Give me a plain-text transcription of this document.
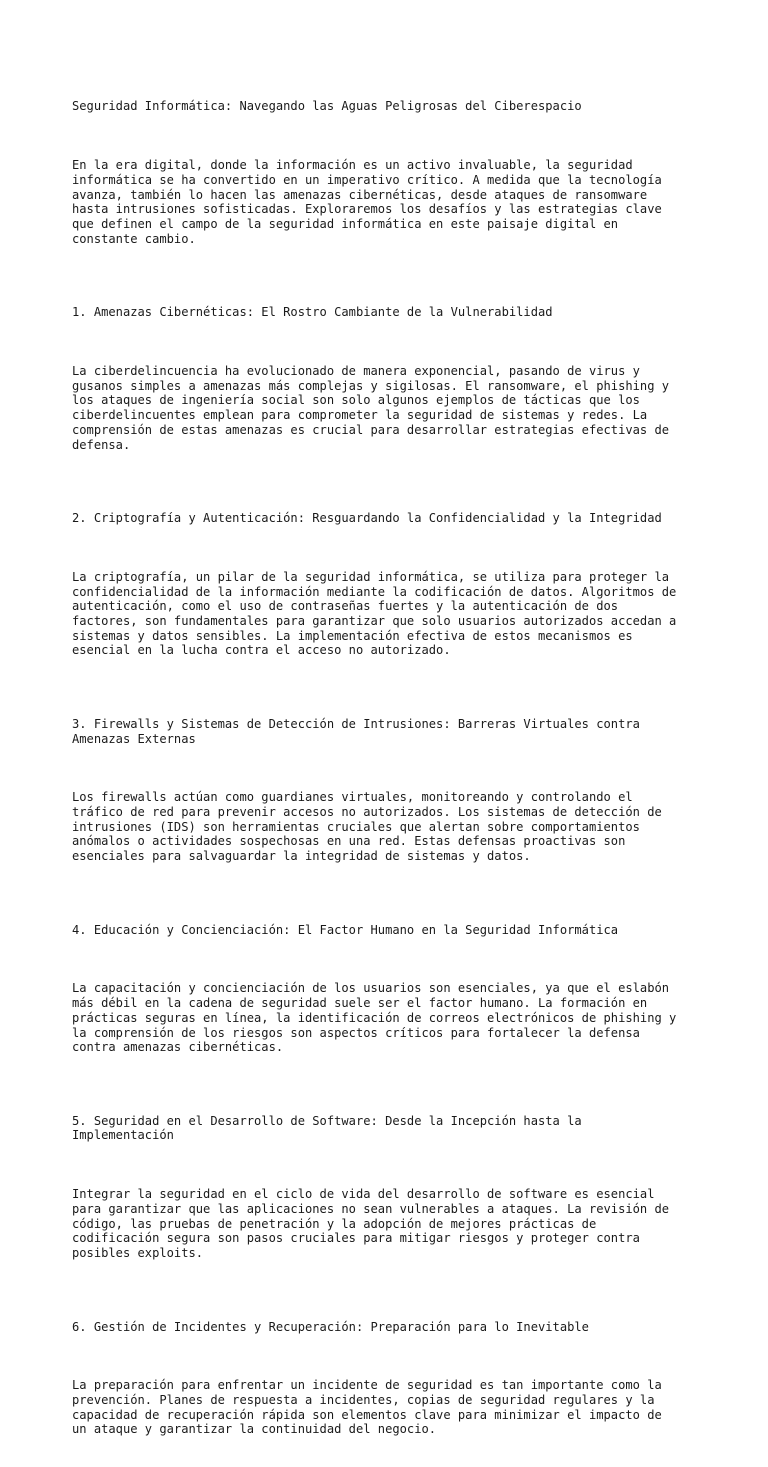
Seguridad Informática: Navegando las Aguas Peligrosas del Ciberespacio

En la era digital, donde la información es un activo invaluable, la seguridad
informática se ha convertido en un imperativo crítico. A medida que la tecnología
avanza, también lo hacen las amenazas cibernéticas, desde ataques de ransomware
hasta intrusiones sofisticadas. Exploraremos los desafíos y las estrategias clave
que definen el campo de la seguridad informática en este paisaje digital en
constante cambio.

1. Amenazas Cibernéticas: El Rostro Cambiante de la Vulnerabilidad

La ciberdelincuencia ha evolucionado de manera exponencial, pasando de virus y
gusanos simples a amenazas más complejas y sigilosas. El ransomware, el phishing y
los ataques de ingeniería social son solo algunos ejemplos de tácticas que los
ciberdelincuentes emplean para comprometer la seguridad de sistemas y redes. La
comprensión de estas amenazas es crucial para desarrollar estrategias efectivas de
defensa.

2. Criptografía y Autenticación: Resguardando la Confidencialidad y la Integridad

La criptografía, un pilar de la seguridad informática, se utiliza para proteger la
confidencialidad de la información mediante la codificación de datos. Algoritmos de
autenticación, como el uso de contraseñas fuertes y la autenticación de dos
factores, son fundamentales para garantizar que solo usuarios autorizados accedan a
sistemas y datos sensibles. La implementación efectiva de estos mecanismos es
esencial en la lucha contra el acceso no autorizado.

3. Firewalls y Sistemas de Detección de Intrusiones: Barreras Virtuales contra
Amenazas Externas

Los firewalls actúan como guardianes virtuales, monitoreando y controlando el
tráfico de red para prevenir accesos no autorizados. Los sistemas de detección de
intrusiones (IDS) son herramientas cruciales que alertan sobre comportamientos
anómalos o actividades sospechosas en una red. Estas defensas proactivas son
esenciales para salvaguardar la integridad de sistemas y datos.

4. Educación y Concienciación: El Factor Humano en la Seguridad Informática

La capacitación y concienciación de los usuarios son esenciales, ya que el eslabón
más débil en la cadena de seguridad suele ser el factor humano. La formación en
prácticas seguras en línea, la identificación de correos electrónicos de phishing y
la comprensión de los riesgos son aspectos críticos para fortalecer la defensa
contra amenazas cibernéticas.

5. Seguridad en el Desarrollo de Software: Desde la Incepción hasta la
Implementación

Integrar la seguridad en el ciclo de vida del desarrollo de software es esencial
para garantizar que las aplicaciones no sean vulnerables a ataques. La revisión de
código, las pruebas de penetración y la adopción de mejores prácticas de
codificación segura son pasos cruciales para mitigar riesgos y proteger contra
posibles exploits.

6. Gestión de Incidentes y Recuperación: Preparación para lo Inevitable

La preparación para enfrentar un incidente de seguridad es tan importante como la
prevención. Planes de respuesta a incidentes, copias de seguridad regulares y la
capacidad de recuperación rápida son elementos clave para minimizar el impacto de
un ataque y garantizar la continuidad del negocio.
